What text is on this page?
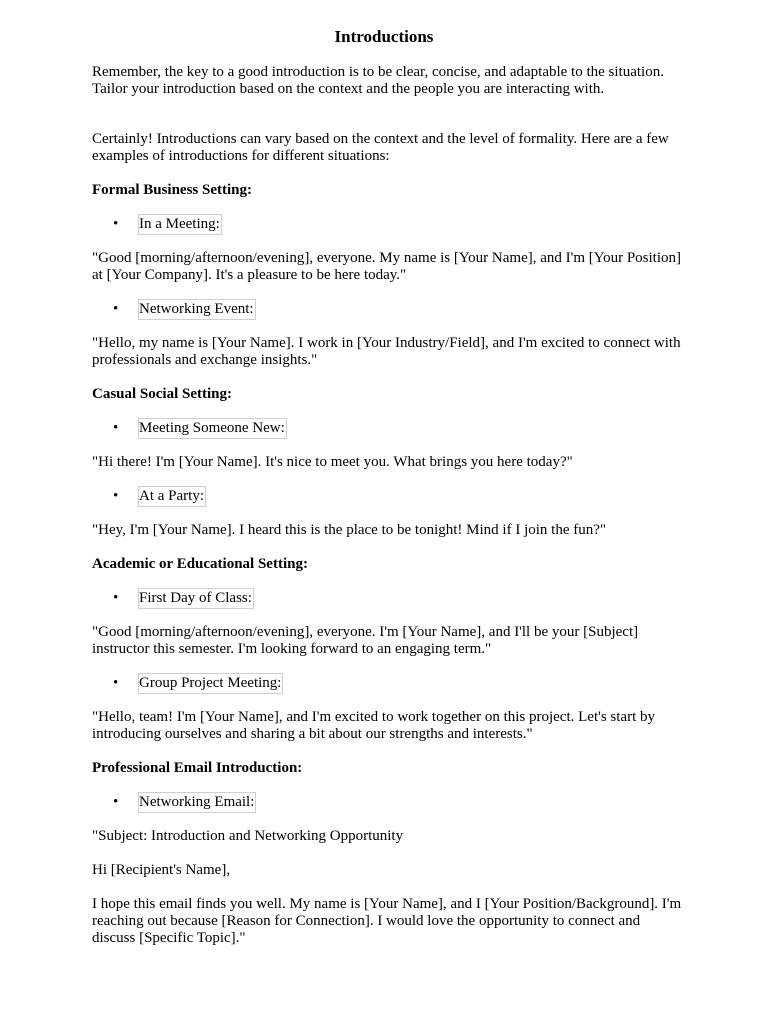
Introductions
Remember, the key to a good introduction is to be clear, concise, and adaptable to the situation. Tailor your introduction based on the context and the people you are interacting with.
Certainly! Introductions can vary based on the context and the level of formality. Here are a few examples of introductions for different situations:
Formal Business Setting:
•	In a Meeting:
"Good [morning/afternoon/evening], everyone. My name is [Your Name], and I'm [Your Position] at [Your Company]. It's a pleasure to be here today."
•	Networking Event:
"Hello, my name is [Your Name]. I work in [Your Industry/Field], and I'm excited to connect with professionals and exchange insights."
Casual Social Setting:
•	Meeting Someone New:
"Hi there! I'm [Your Name]. It's nice to meet you. What brings you here today?"
•	At a Party:
"Hey, I'm [Your Name]. I heard this is the place to be tonight! Mind if I join the fun?"
Academic or Educational Setting:
•	First Day of Class:
"Good [morning/afternoon/evening], everyone. I'm [Your Name], and I'll be your [Subject] instructor this semester. I'm looking forward to an engaging term."
•	Group Project Meeting:
"Hello, team! I'm [Your Name], and I'm excited to work together on this project. Let's start by introducing ourselves and sharing a bit about our strengths and interests."
Professional Email Introduction:
•	Networking Email:
"Subject: Introduction and Networking Opportunity
Hi [Recipient's Name],
I hope this email finds you well. My name is [Your Name], and I [Your Position/Background]. I'm reaching out because [Reason for Connection]. I would love the opportunity to connect and discuss [Specific Topic]."
